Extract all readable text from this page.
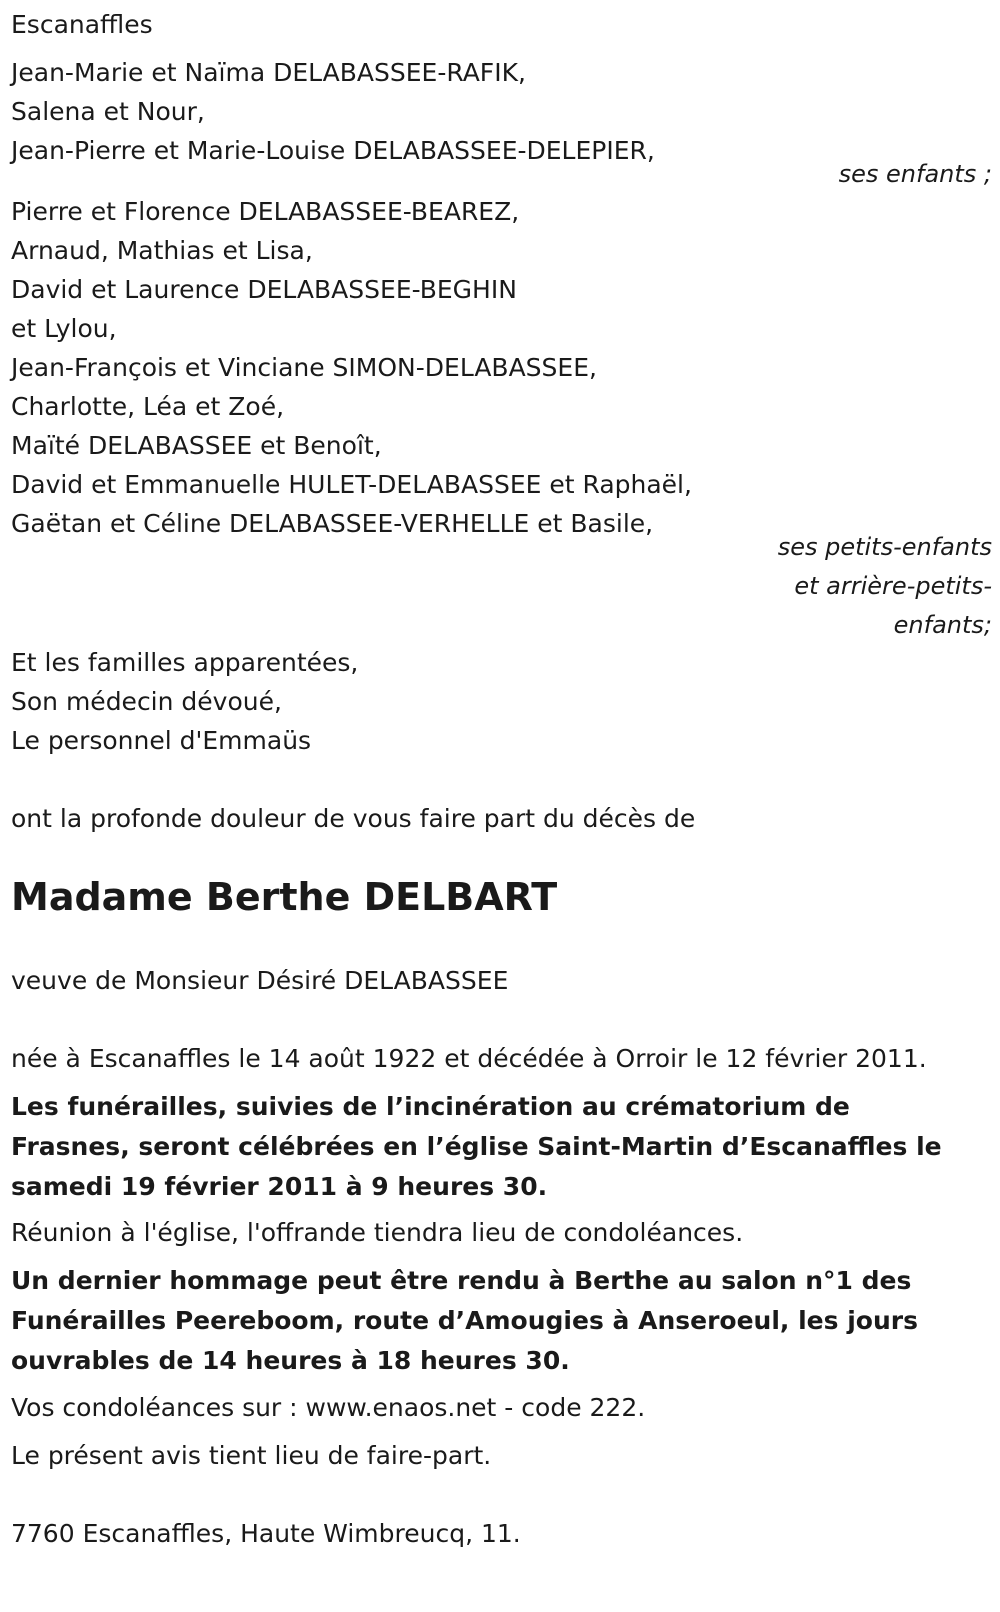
Escanaffles
Jean-Marie et Naïma DELABASSEE-RAFIK,
Salena et Nour,
Jean-Pierre et Marie-Louise DELABASSEE-DELEPIER,
ses enfants ;
Pierre et Florence DELABASSEE-BEAREZ,
Arnaud, Mathias et Lisa,
David et Laurence DELABASSEE-BEGHIN
et Lylou,
Jean-François et Vinciane SIMON-DELABASSEE,
Charlotte, Léa et Zoé,
Maïté DELABASSEE et Benoît,
David et Emmanuelle HULET-DELABASSEE et Raphaël,
Gaëtan et Céline DELABASSEE-VERHELLE et Basile,
ses petits-enfants
et arrière-petits-
enfants;
Et les familles apparentées,
Son médecin dévoué,
Le personnel d'Emmaüs
ont la profonde douleur de vous faire part du décès de
Madame Berthe DELBART
veuve de Monsieur Désiré DELABASSEE
née à Escanaffles le 14 août 1922 et décédée à Orroir le 12 février 2011.
Les funérailles, suivies de l’incinération au crématorium de Frasnes, seront célébrées en l’église Saint-Martin d’Escanaffles le samedi 19 février 2011 à 9 heures 30.
Réunion à l'église, l'offrande tiendra lieu de condoléances.
Un dernier hommage peut être rendu à Berthe au salon n°1 des Funérailles Peereboom, route d’Amougies à Anseroeul, les jours ouvrables de 14 heures à 18 heures 30.
Vos condoléances sur : www.enaos.net - code 222.
Le présent avis tient lieu de faire-part.
7760 Escanaffles, Haute Wimbreucq, 11.
